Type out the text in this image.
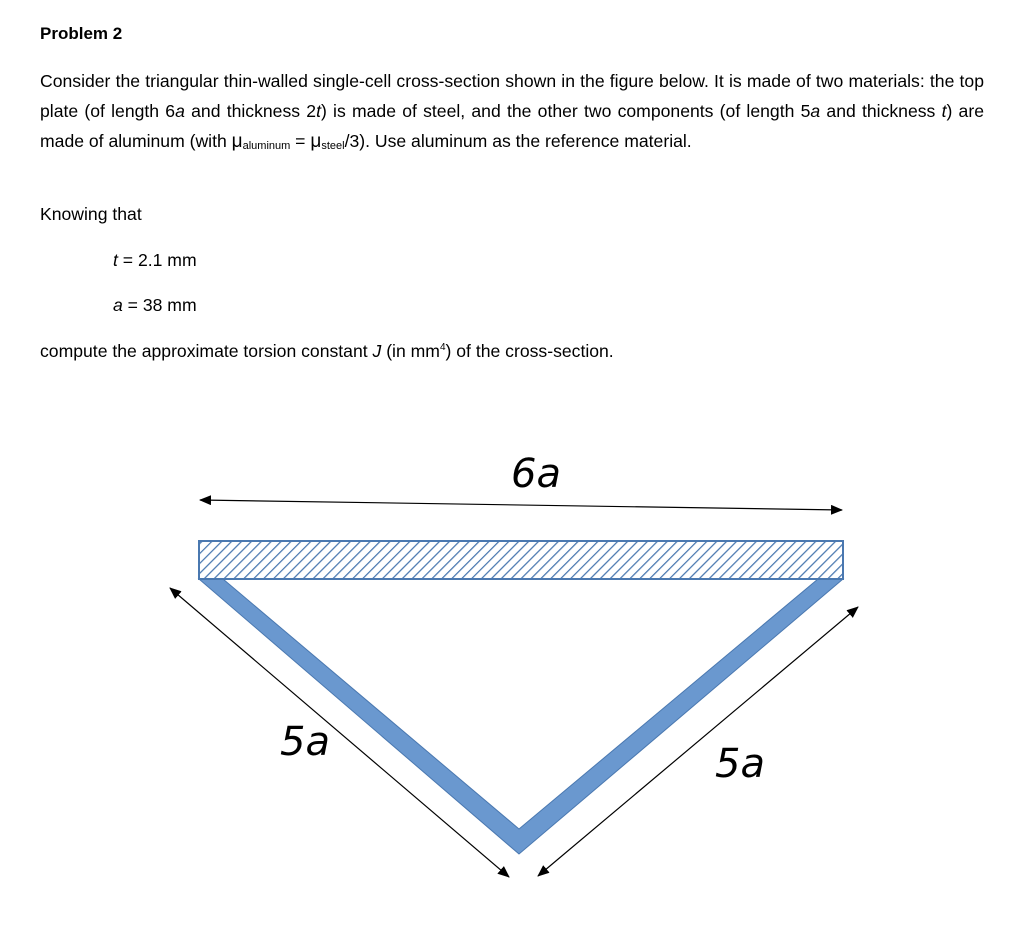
Problem 2
Consider the triangular thin-walled single-cell cross-section shown in the figure below. It is made of two materials: the top plate (of length 6a and thickness 2t) is made of steel, and the other two components (of length 5a and thickness t) are made of aluminum (with $\mu_{aluminum} = \mu_{steel}/3$). Use aluminum as the reference material.
Knowing that
t = 2.1 mm
a = 38 mm
compute the approximate torsion constant J (in $mm^4$) of the cross-section.
6a
5a	5a
